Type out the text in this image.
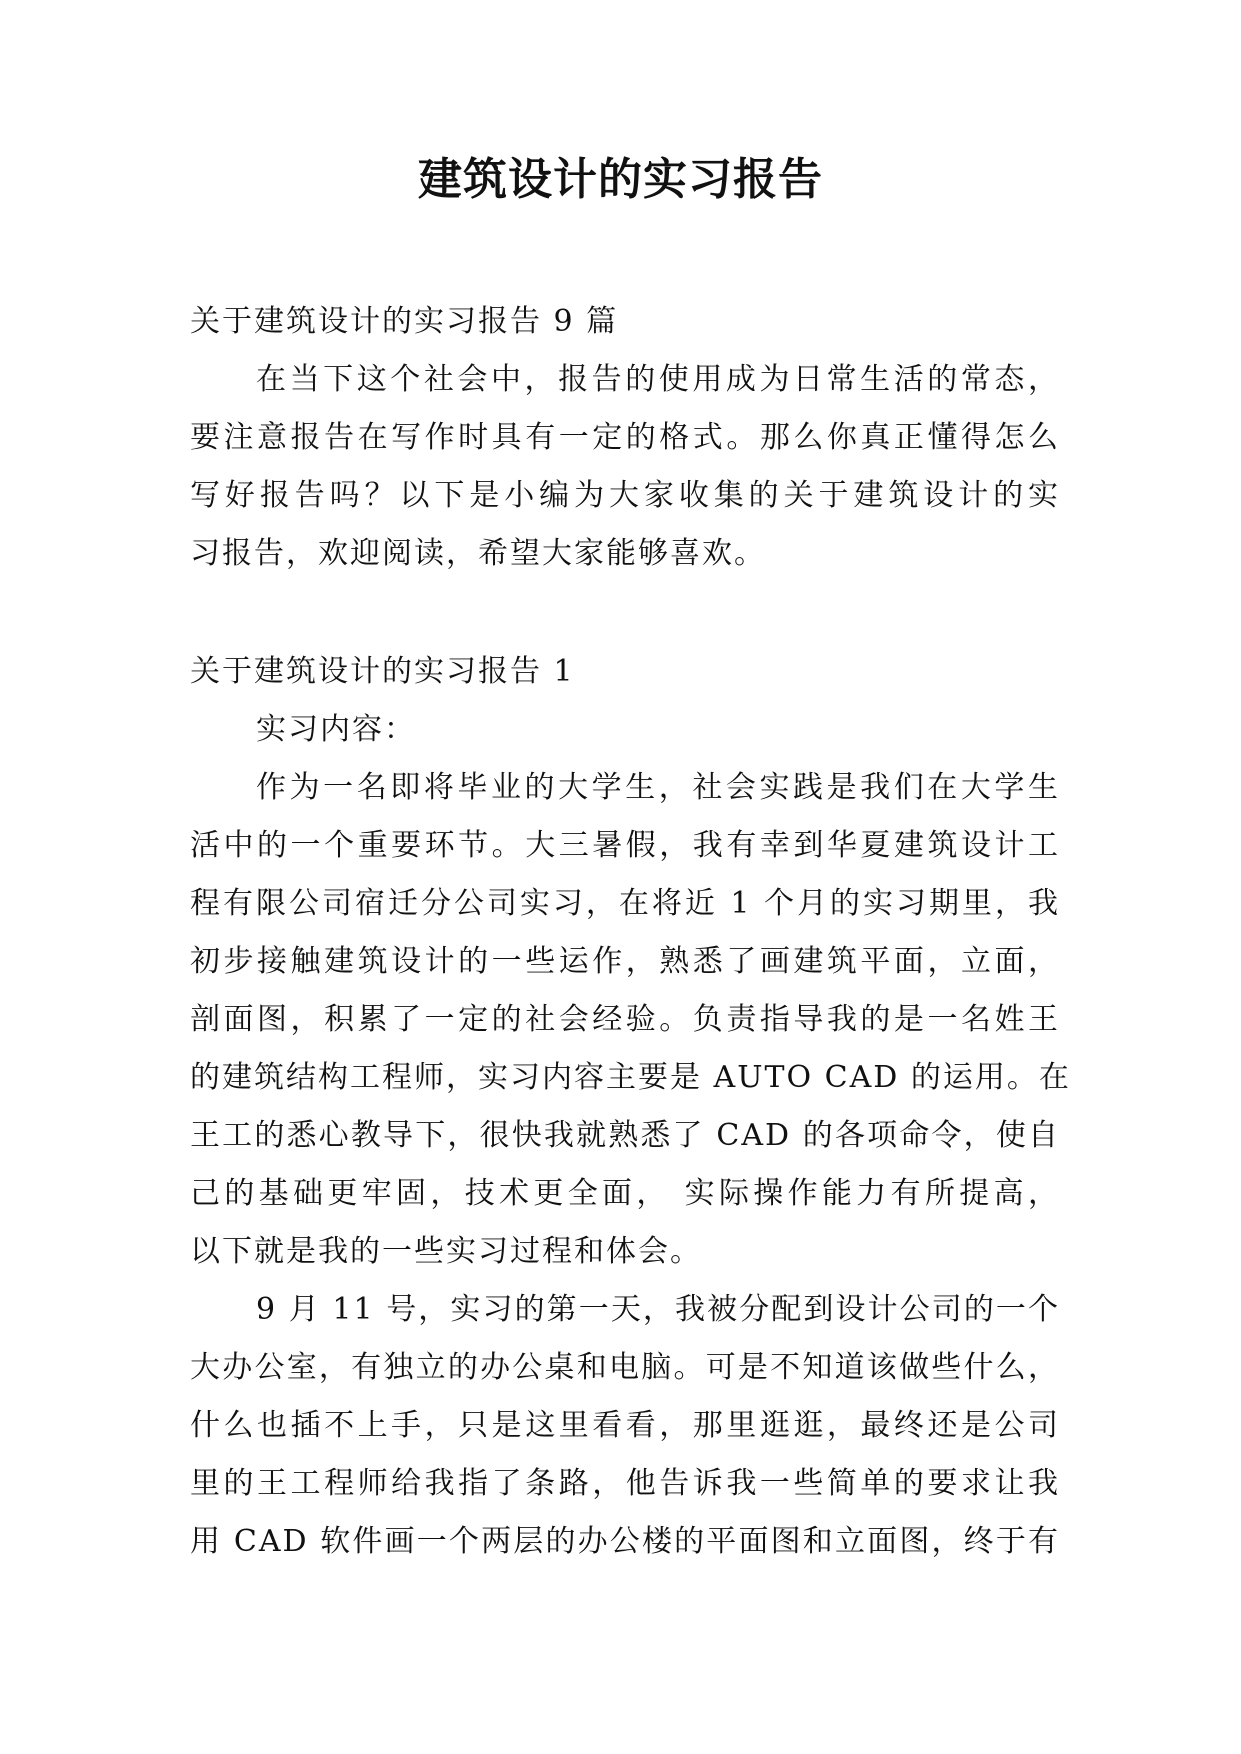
建筑设计的实习报告
关于建筑设计的实习报告 9 篇
在当下这个社会中，报告的使用成为日常生活的常态，
要注意报告在写作时具有一定的格式。那么你真正懂得怎么
写好报告吗？以下是小编为大家收集的关于建筑设计的实
习报告，欢迎阅读，希望大家能够喜欢。
关于建筑设计的实习报告 1
实习内容：
作为一名即将毕业的大学生，社会实践是我们在大学生
活中的一个重要环节。大三暑假，我有幸到华夏建筑设计工
程有限公司宿迁分公司实习，在将近 1 个月的实习期里，我
初步接触建筑设计的一些运作，熟悉了画建筑平面，立面，
剖面图，积累了一定的社会经验。负责指导我的是一名姓王
的建筑结构工程师，实习内容主要是 AUTO CAD 的运用。在
王工的悉心教导下，很快我就熟悉了 CAD 的各项命令，使自
己的基础更牢固，技术更全面， 实际操作能力有所提高，
以下就是我的一些实习过程和体会。
9 月 11 号，实习的第一天，我被分配到设计公司的一个
大办公室，有独立的办公桌和电脑。可是不知道该做些什么，
什么也插不上手，只是这里看看，那里逛逛，最终还是公司
里的王工程师给我指了条路，他告诉我一些简单的要求让我
用 CAD 软件画一个两层的办公楼的平面图和立面图，终于有
